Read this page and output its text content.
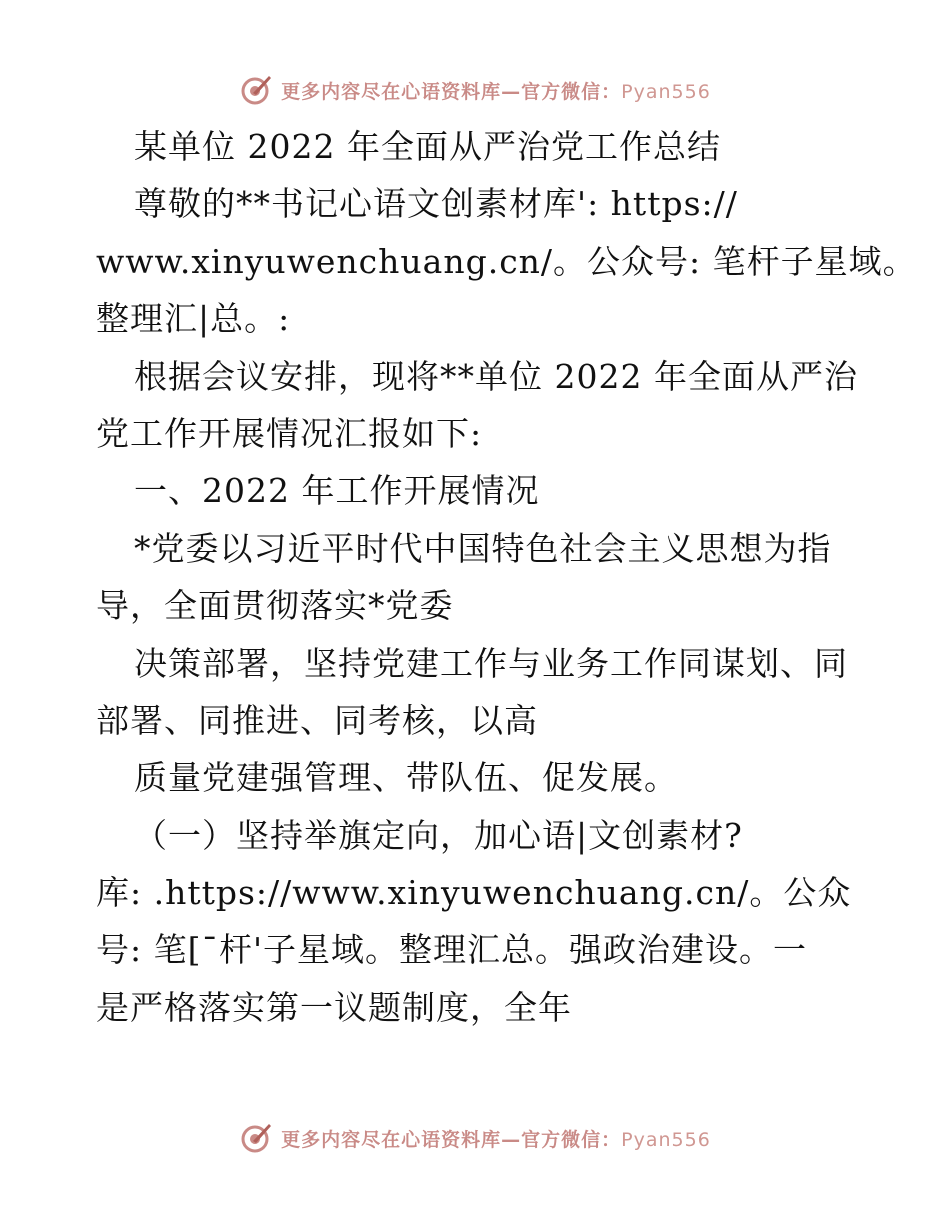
更多内容尽在心语资料库—官方微信：Pyan556
某单位 2022 年全面从严治党工作总结
尊敬的**书记心语文创素材库': https://
www.xinyuwenchuang.cn/。公众号: 笔杆子星域。
整理汇|总。:
根据会议安排，现将**单位 2022 年全面从严治
党工作开展情况汇报如下:
一、2022 年工作开展情况
*党委以习近平时代中国特色社会主义思想为指
导，全面贯彻落实*党委
决策部署，坚持党建工作与业务工作同谋划、同
部署、同推进、同考核，以高
质量党建强管理、带队伍、促发展。
（一）坚持举旗定向，加心语|文创素材?
库: .https://www.xinyuwenchuang.cn/。公众
号: 笔[¯杆'子星域。整理汇总。强政治建设。一
是严格落实第一议题制度，全年
更多内容尽在心语资料库—官方微信：Pyan556
